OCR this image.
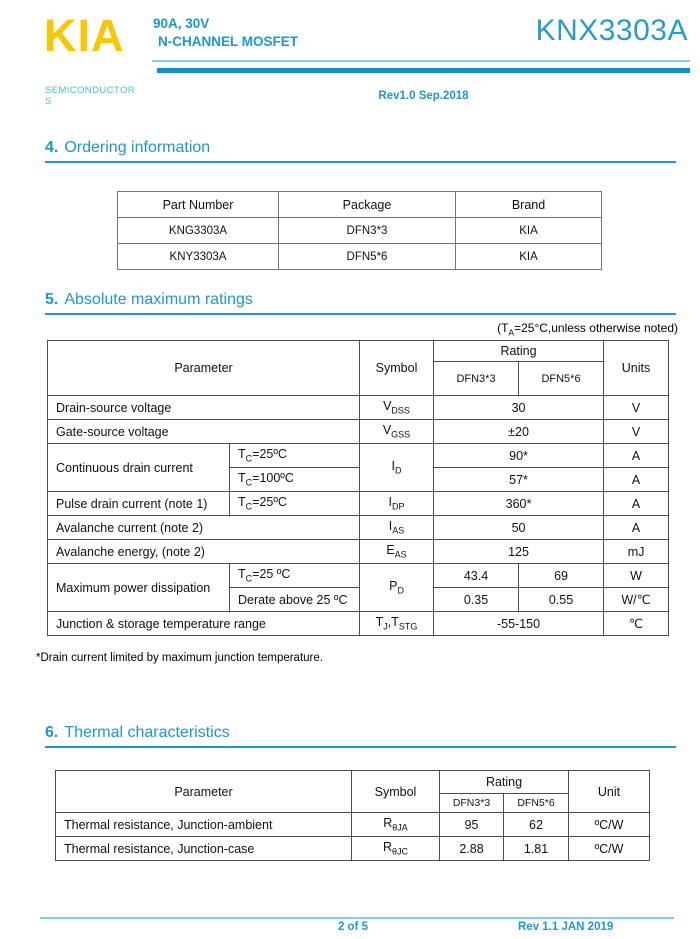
KIA
SEMICONDUCTOR
S
90A, 30V
N-CHANNEL MOSFET	KNX3303A
Rev1.0 Sep.2018
4. Ordering information
Part Number	Package	Brand
KNG3303A	DFN3*3	KIA
KNY3303A	DFN5*6	KIA
5. Absolute maximum ratings
($T_A=25^\circ C,unless$ otherwise noted)
Parameter		Symbol	Rating		Units
			DFN3*3	DFN5*6	
Drain-source voltage		$V_{DSS}$	30		V
Gate-source voltage		$V_{GSS}$	±20		V
Continuous drain current	$T_C=25ºC$	$I_D$	90*		A
	$T_C=100ºC$		57*		A
Pulse drain current (note 1)	$T_C=25ºC$	$I_{DP}$	360*		A
Avalanche current (note 2)		$I_{AS}$	50		A
Avalanche energy, (note 2)		$E_{AS}$	125		mJ
Maximum power dissipation	$T_C=25$ ºC	$P_D$	43.4	69	W
	Derate above 25 ºC		0.35	0.55	W/℃
Junction & storage temperature range		$T_J,T_{STG}$	-55-150		℃
*Drain current limited by maximum junction temperature.
6. Thermal characteristics
Parameter	Symbol	Rating		Unit
		DFN3*3	DFN5*6	
Thermal resistance, Junction-ambient	$R_{\theta JA}$	95	62	ºC/W
Thermal resistance, Junction-case	$R_{\theta JC}$	2.88	1.81	ºC/W
2 of 5	Rev 1.1 JAN 2019
